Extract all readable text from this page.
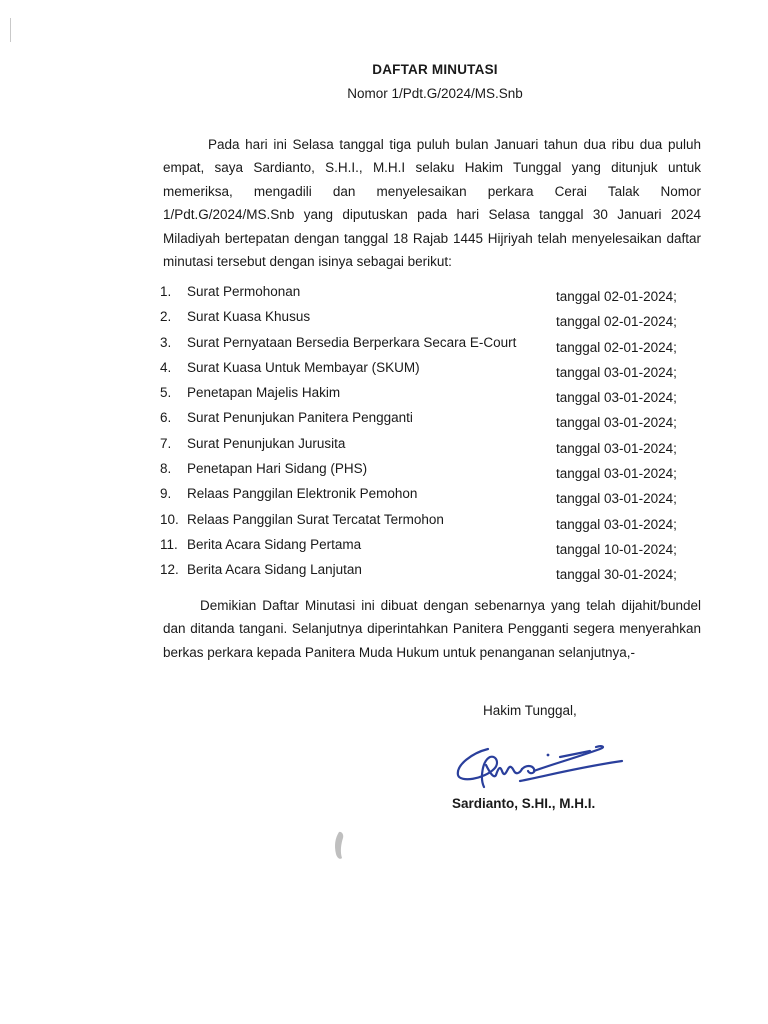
DAFTAR MINUTASI
Nomor 1/Pdt.G/2024/MS.Snb

Pada hari ini Selasa tanggal tiga puluh bulan Januari tahun dua ribu dua puluh empat, saya Sardianto, S.H.I., M.H.I selaku Hakim Tunggal yang ditunjuk untuk memeriksa, mengadili dan menyelesaikan perkara Cerai Talak Nomor 1/Pdt.G/2024/MS.Snb yang diputuskan pada hari Selasa tanggal 30 Januari 2024 Miladiyah bertepatan dengan tanggal 18 Rajab 1445 Hijriyah telah menyelesaikan daftar minutasi tersebut dengan isinya sebagai berikut:

1. Surat Permohonan	tanggal 02-01-2024;
2. Surat Kuasa Khusus	tanggal 02-01-2024;
3. Surat Pernyataan Bersedia Berperkara Secara E-Court	tanggal 02-01-2024;
4. Surat Kuasa Untuk Membayar (SKUM)	tanggal 03-01-2024;
5. Penetapan Majelis Hakim	tanggal 03-01-2024;
6. Surat Penunjukan Panitera Pengganti	tanggal 03-01-2024;
7. Surat Penunjukan Jurusita	tanggal 03-01-2024;
8. Penetapan Hari Sidang (PHS)	tanggal 03-01-2024;
9. Relaas Panggilan Elektronik Pemohon	tanggal 03-01-2024;
10. Relaas Panggilan Surat Tercatat Termohon	tanggal 03-01-2024;
11. Berita Acara Sidang Pertama	tanggal 10-01-2024;
12. Berita Acara Sidang Lanjutan	tanggal 30-01-2024;

Demikian Daftar Minutasi ini dibuat dengan sebenarnya yang telah dijahit/bundel dan ditanda tangani. Selanjutnya diperintahkan Panitera Pengganti segera menyerahkan berkas perkara kepada Panitera Muda Hukum untuk penanganan selanjutnya,-

Hakim Tunggal,
Sardianto, S.HI., M.H.I.
